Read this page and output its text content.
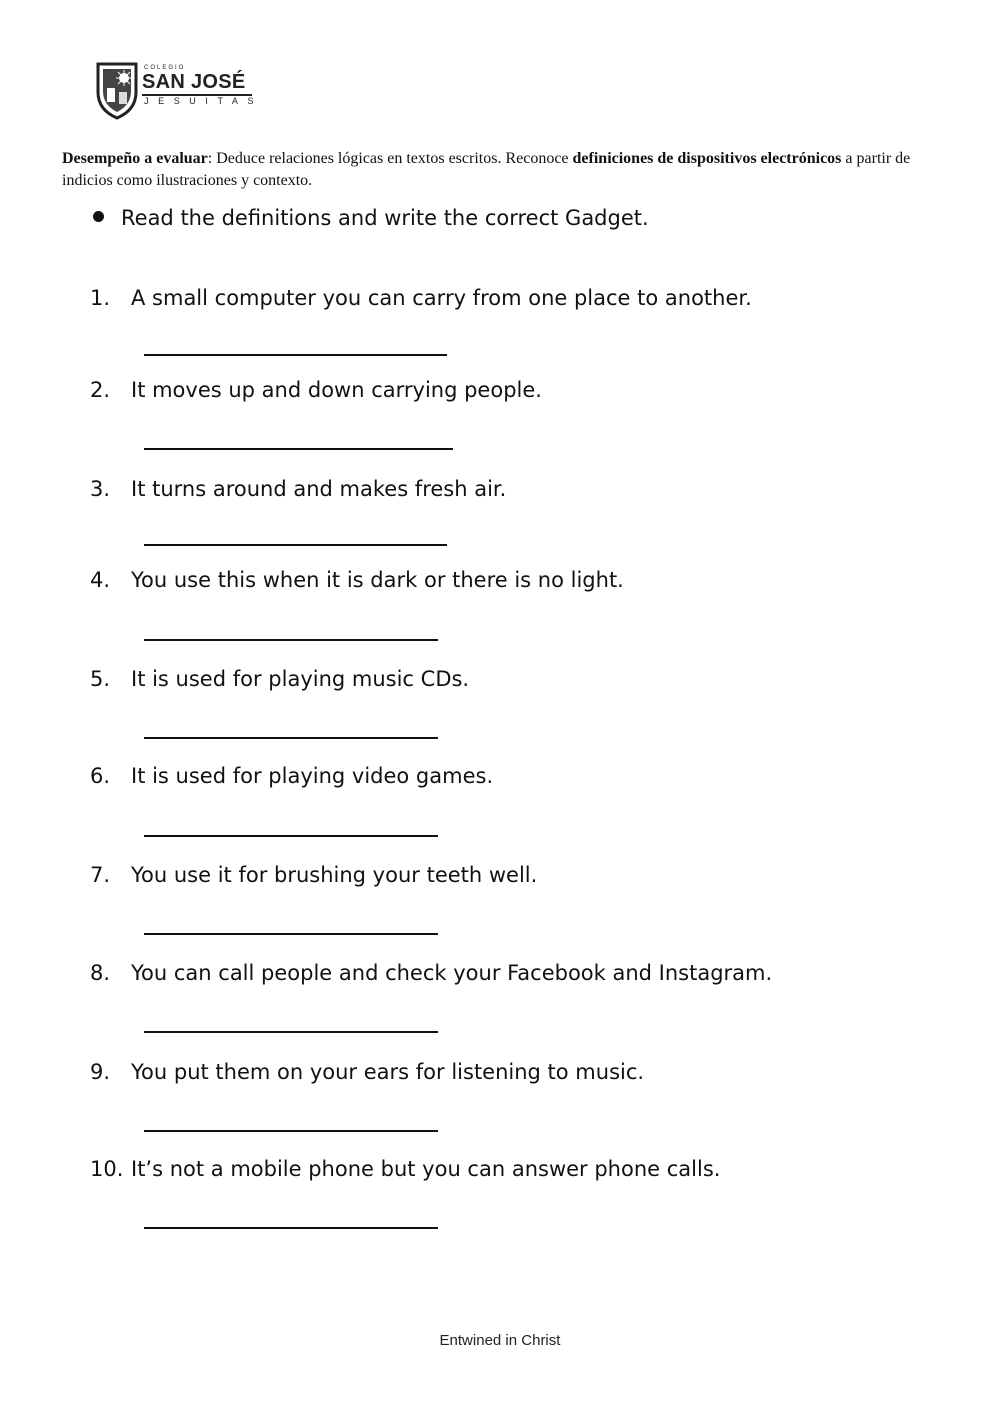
COLEGIO
SAN JOSÉ
JESUITAS
Desempeño a evaluar: Deduce relaciones lógicas en textos escritos. Reconoce definiciones de dispositivos electrónicos a partir de indicios como ilustraciones y contexto.
Read the definitions and write the correct Gadget.
1. A small computer you can carry from one place to another.
2. It moves up and down carrying people.
3. It turns around and makes fresh air.
4. You use this when it is dark or there is no light.
5. It is used for playing music CDs.
6. It is used for playing video games.
7. You use it for brushing your teeth well.
8. You can call people and check your Facebook and Instagram.
9. You put them on your ears for listening to music.
10. It’s not a mobile phone but you can answer phone calls.
Entwined in Christ
